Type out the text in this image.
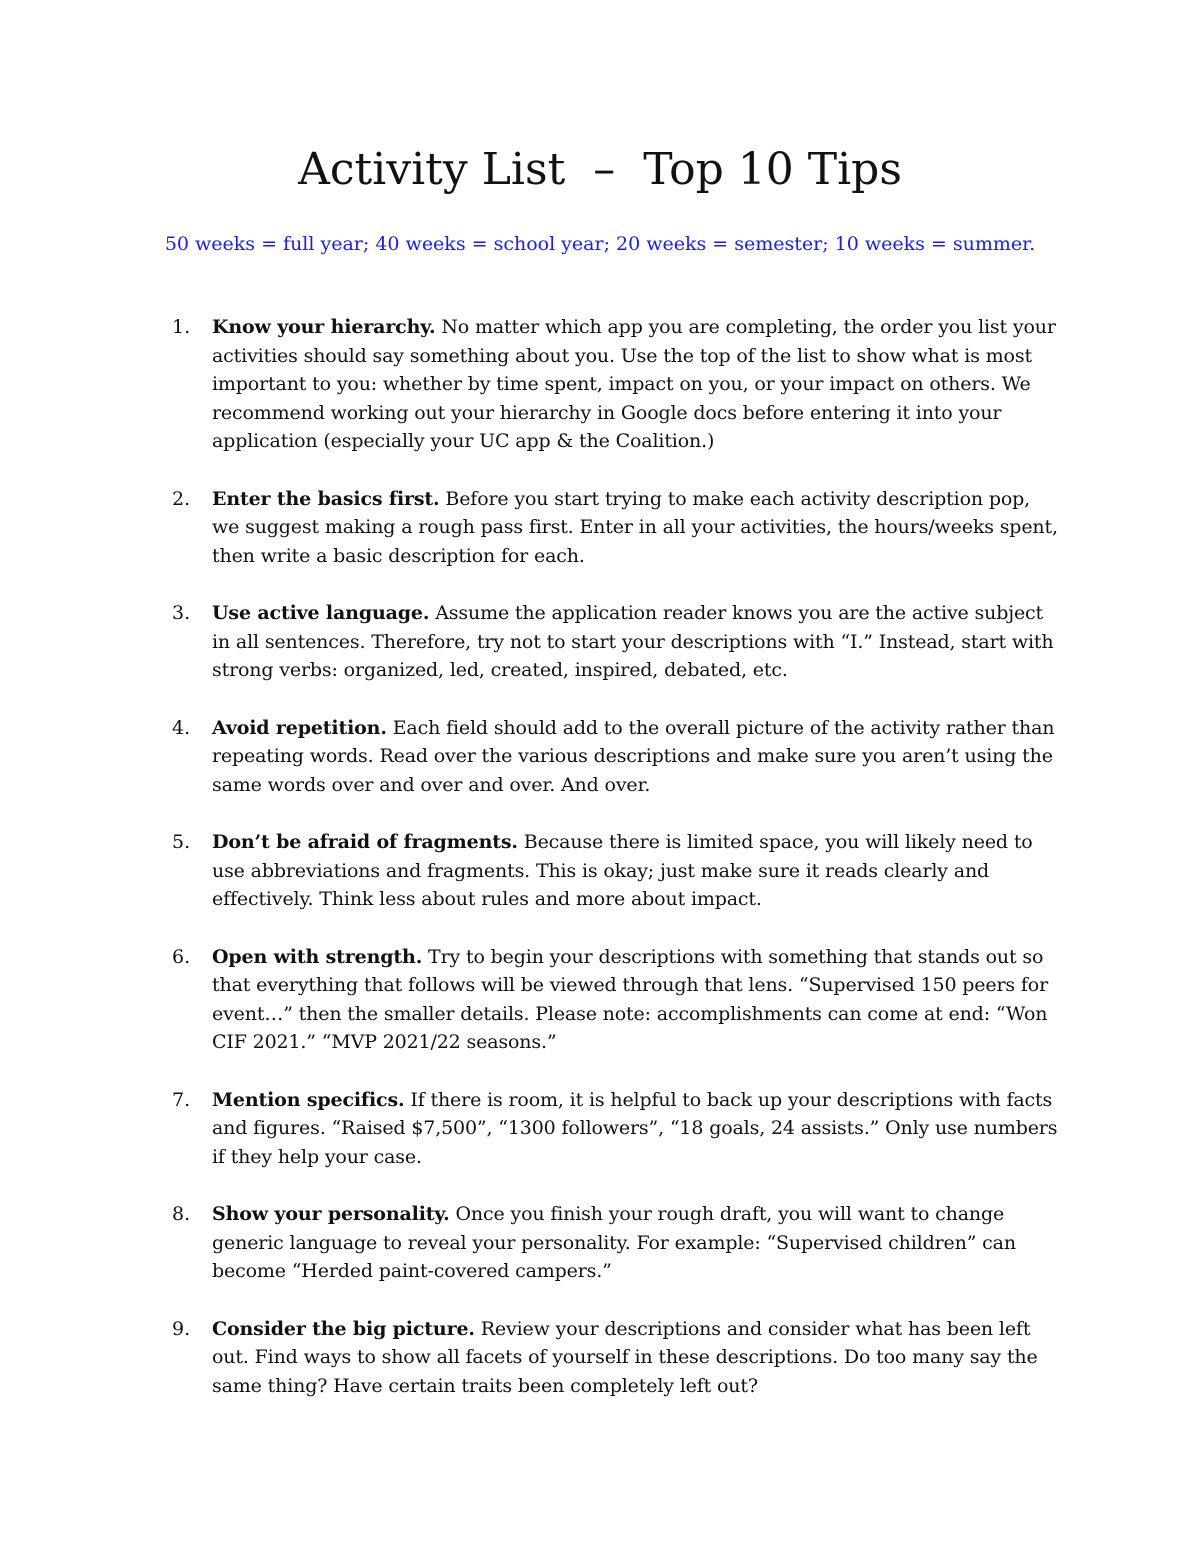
Activity List  –  Top 10 Tips

50 weeks = full year; 40 weeks = school year; 20 weeks = semester; 10 weeks = summer.

1. Know your hierarchy. No matter which app you are completing, the order you list your activities should say something about you. Use the top of the list to show what is most important to you: whether by time spent, impact on you, or your impact on others. We recommend working out your hierarchy in Google docs before entering it into your application (especially your UC app & the Coalition.)
2. Enter the basics first. Before you start trying to make each activity description pop, we suggest making a rough pass first. Enter in all your activities, the hours/weeks spent, then write a basic description for each.
3. Use active language. Assume the application reader knows you are the active subject in all sentences. Therefore, try not to start your descriptions with “I.” Instead, start with strong verbs: organized, led, created, inspired, debated, etc.
4. Avoid repetition. Each field should add to the overall picture of the activity rather than repeating words. Read over the various descriptions and make sure you aren’t using the same words over and over and over. And over.
5. Don’t be afraid of fragments. Because there is limited space, you will likely need to use abbreviations and fragments. This is okay; just make sure it reads clearly and effectively. Think less about rules and more about impact.
6. Open with strength. Try to begin your descriptions with something that stands out so that everything that follows will be viewed through that lens. “Supervised 150 peers for event…” then the smaller details. Please note: accomplishments can come at end: “Won CIF 2021.” “MVP 2021/22 seasons.”
7. Mention specifics. If there is room, it is helpful to back up your descriptions with facts and figures. “Raised $7,500”, “1300 followers”, “18 goals, 24 assists.” Only use numbers if they help your case.
8. Show your personality. Once you finish your rough draft, you will want to change generic language to reveal your personality. For example: “Supervised children” can become “Herded paint-covered campers.”
9. Consider the big picture. Review your descriptions and consider what has been left out. Find ways to show all facets of yourself in these descriptions. Do too many say the same thing? Have certain traits been completely left out?
